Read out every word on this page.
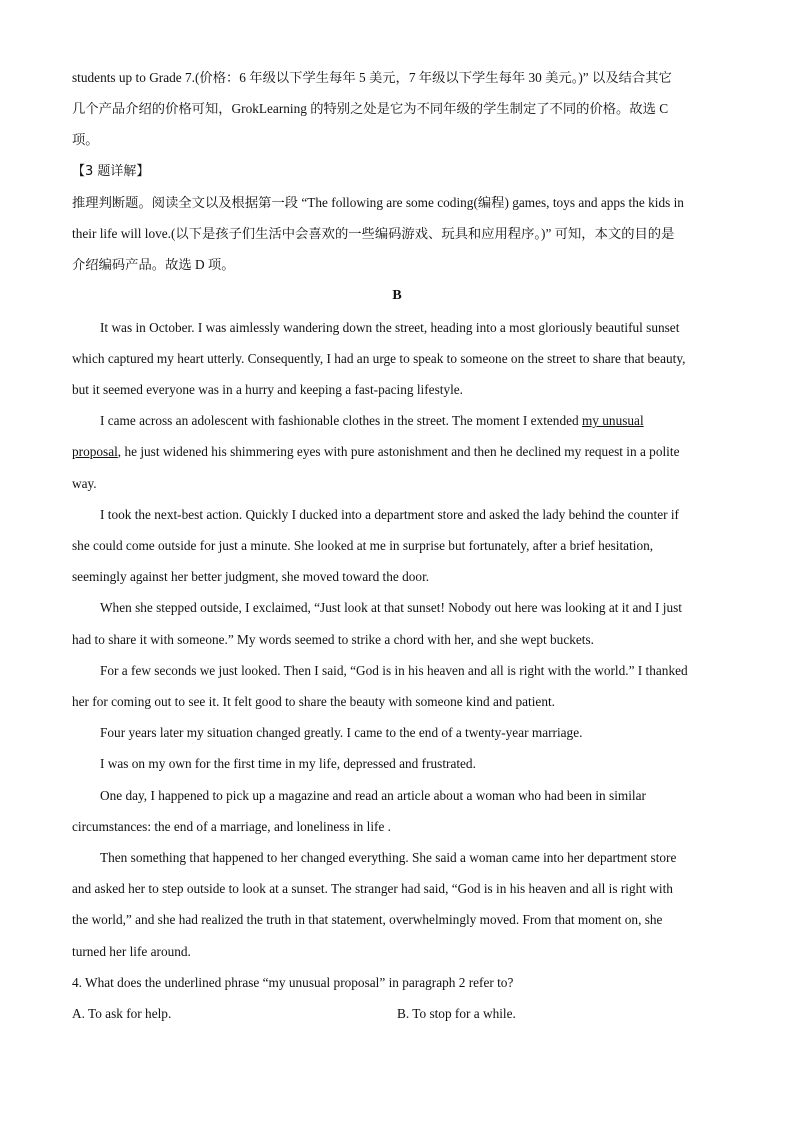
students up to Grade 7.(价格：6 年级以下学生每年 5 美元，7 年级以下学生每年 30 美元。)” 以及结合其它

几个产品介绍的价格可知，GrokLearning 的特别之处是它为不同年级的学生制定了不同的价格。故选 C

项。

【3 题详解】

推理判断题。阅读全文以及根据第一段 “The following are some coding(编程) games, toys and apps the kids in

their life will love.(以下是孩子们生活中会喜欢的一些编码游戏、玩具和应用程序。)” 可知，本文的目的是

介绍编码产品。故选 D 项。

B

It was in October. I was aimlessly wandering down the street, heading into a most gloriously beautiful sunset

which captured my heart utterly. Consequently, I had an urge to speak to someone on the street to share that beauty,

but it seemed everyone was in a hurry and keeping a fast-pacing lifestyle.

I came across an adolescent with fashionable clothes in the street. The moment I extended my unusual

proposal, he just widened his shimmering eyes with pure astonishment and then he declined my request in a polite

way.

I took the next-best action. Quickly I ducked into a department store and asked the lady behind the counter if

she could come outside for just a minute. She looked at me in surprise but fortunately, after a brief hesitation,

seemingly against her better judgment, she moved toward the door.

When she stepped outside, I exclaimed, “Just look at that sunset! Nobody out here was looking at it and I just

had to share it with someone.” My words seemed to strike a chord with her, and she wept buckets.

For a few seconds we just looked. Then I said, “God is in his heaven and all is right with the world.” I thanked

her for coming out to see it. It felt good to share the beauty with someone kind and patient.

Four years later my situation changed greatly. I came to the end of a twenty-year marriage.

I was on my own for the first time in my life, depressed and frustrated.

One day, I happened to pick up a magazine and read an article about a woman who had been in similar

circumstances: the end of a marriage, and loneliness in life .

Then something that happened to her changed everything. She said a woman came into her department store

and asked her to step outside to look at a sunset. The stranger had said, “God is in his heaven and all is right with

the world,” and she had realized the truth in that statement, overwhelmingly moved. From that moment on, she

turned her life around.

4. What does the underlined phrase “my unusual proposal” in paragraph 2 refer to?

A. To ask for help.	B. To stop for a while.
